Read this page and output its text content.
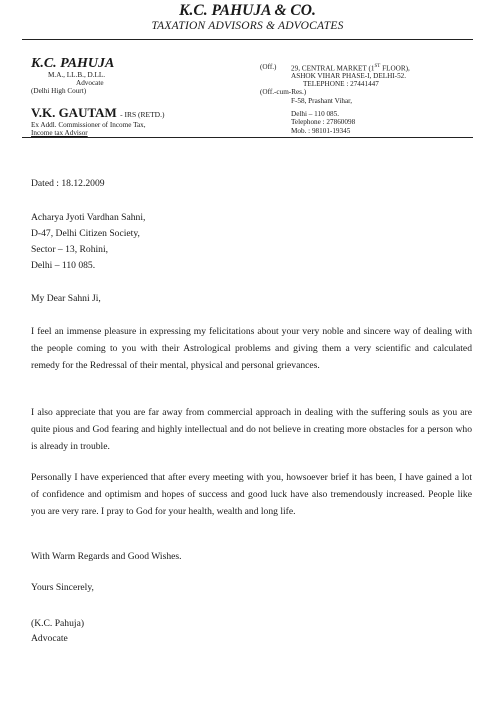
K.C. PAHUJA & CO.
TAXATION ADVISORS & ADVOCATES
K.C. PAHUJA
M.A., LL.B., D.LL.
Advocate
(Delhi High Court)
V.K. GAUTAM - IRS (RETD.)
Ex Addl. Commissioner of Income Tax,
Income tax Advisor
(Off.) 29, CENTRAL MARKET (1ST FLOOR),
ASHOK VIHAR PHASE-I, DELHI-52.
TELEPHONE : 27441447
(Off.-cum-Res.)
F-58, Prashant Vihar,
Delhi – 110 085.
Telephone : 27860098
Mob. : 98101-19345
Dated : 18.12.2009
Acharya Jyoti Vardhan Sahni,
D-47, Delhi Citizen Society,
Sector – 13, Rohini,
Delhi – 110 085.
My Dear Sahni Ji,
I feel an immense pleasure in expressing my felicitations about your very noble and sincere way of dealing with the people coming to you with their Astrological problems and giving them a very scientific and calculated remedy for the Redressal of their mental, physical and personal grievances.
I also appreciate that you are far away from commercial approach in dealing with the suffering souls as you are quite pious and God fearing and highly intellectual and do not believe in creating more obstacles for a person who is already in trouble.
Personally I have experienced that after every meeting with you, howsoever brief it has been, I have gained a lot of confidence and optimism and hopes of success and good luck have also tremendously increased. People like you are very rare. I pray to God for your health, wealth and long life.
With Warm Regards and Good Wishes.
Yours Sincerely,
(K.C. Pahuja)
Advocate
